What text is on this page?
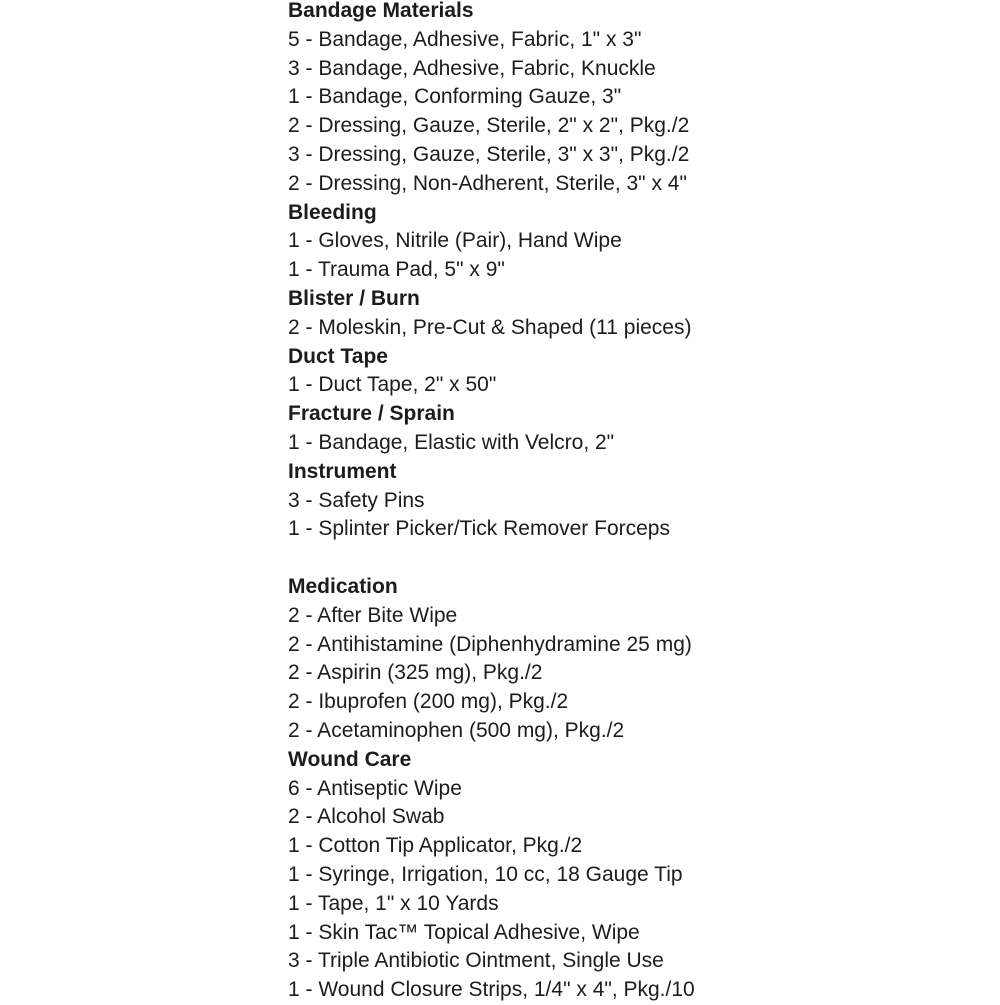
Bandage Materials
5 - Bandage, Adhesive, Fabric, 1" x 3"
3 - Bandage, Adhesive, Fabric, Knuckle
1 - Bandage, Conforming Gauze, 3"
2 - Dressing, Gauze, Sterile, 2" x 2", Pkg./2
3 - Dressing, Gauze, Sterile, 3" x 3", Pkg./2
2 - Dressing, Non-Adherent, Sterile, 3" x 4"
Bleeding
1 - Gloves, Nitrile (Pair), Hand Wipe
1 - Trauma Pad, 5" x 9"
Blister / Burn
2 - Moleskin, Pre-Cut & Shaped (11 pieces)
Duct Tape
1 - Duct Tape, 2" x 50"
Fracture / Sprain
1 - Bandage, Elastic with Velcro, 2"
Instrument
3 - Safety Pins
1 - Splinter Picker/Tick Remover Forceps
Medication
2 - After Bite Wipe
2 - Antihistamine (Diphenhydramine 25 mg)
2 - Aspirin (325 mg), Pkg./2
2 - Ibuprofen (200 mg), Pkg./2
2 - Acetaminophen (500 mg), Pkg./2
Wound Care
6 - Antiseptic Wipe
2 - Alcohol Swab
1 - Cotton Tip Applicator, Pkg./2
1 - Syringe, Irrigation, 10 cc, 18 Gauge Tip
1 - Tape, 1" x 10 Yards
1 - Skin Tac™ Topical Adhesive, Wipe
3 - Triple Antibiotic Ointment, Single Use
1 - Wound Closure Strips, 1/4" x 4", Pkg./10
